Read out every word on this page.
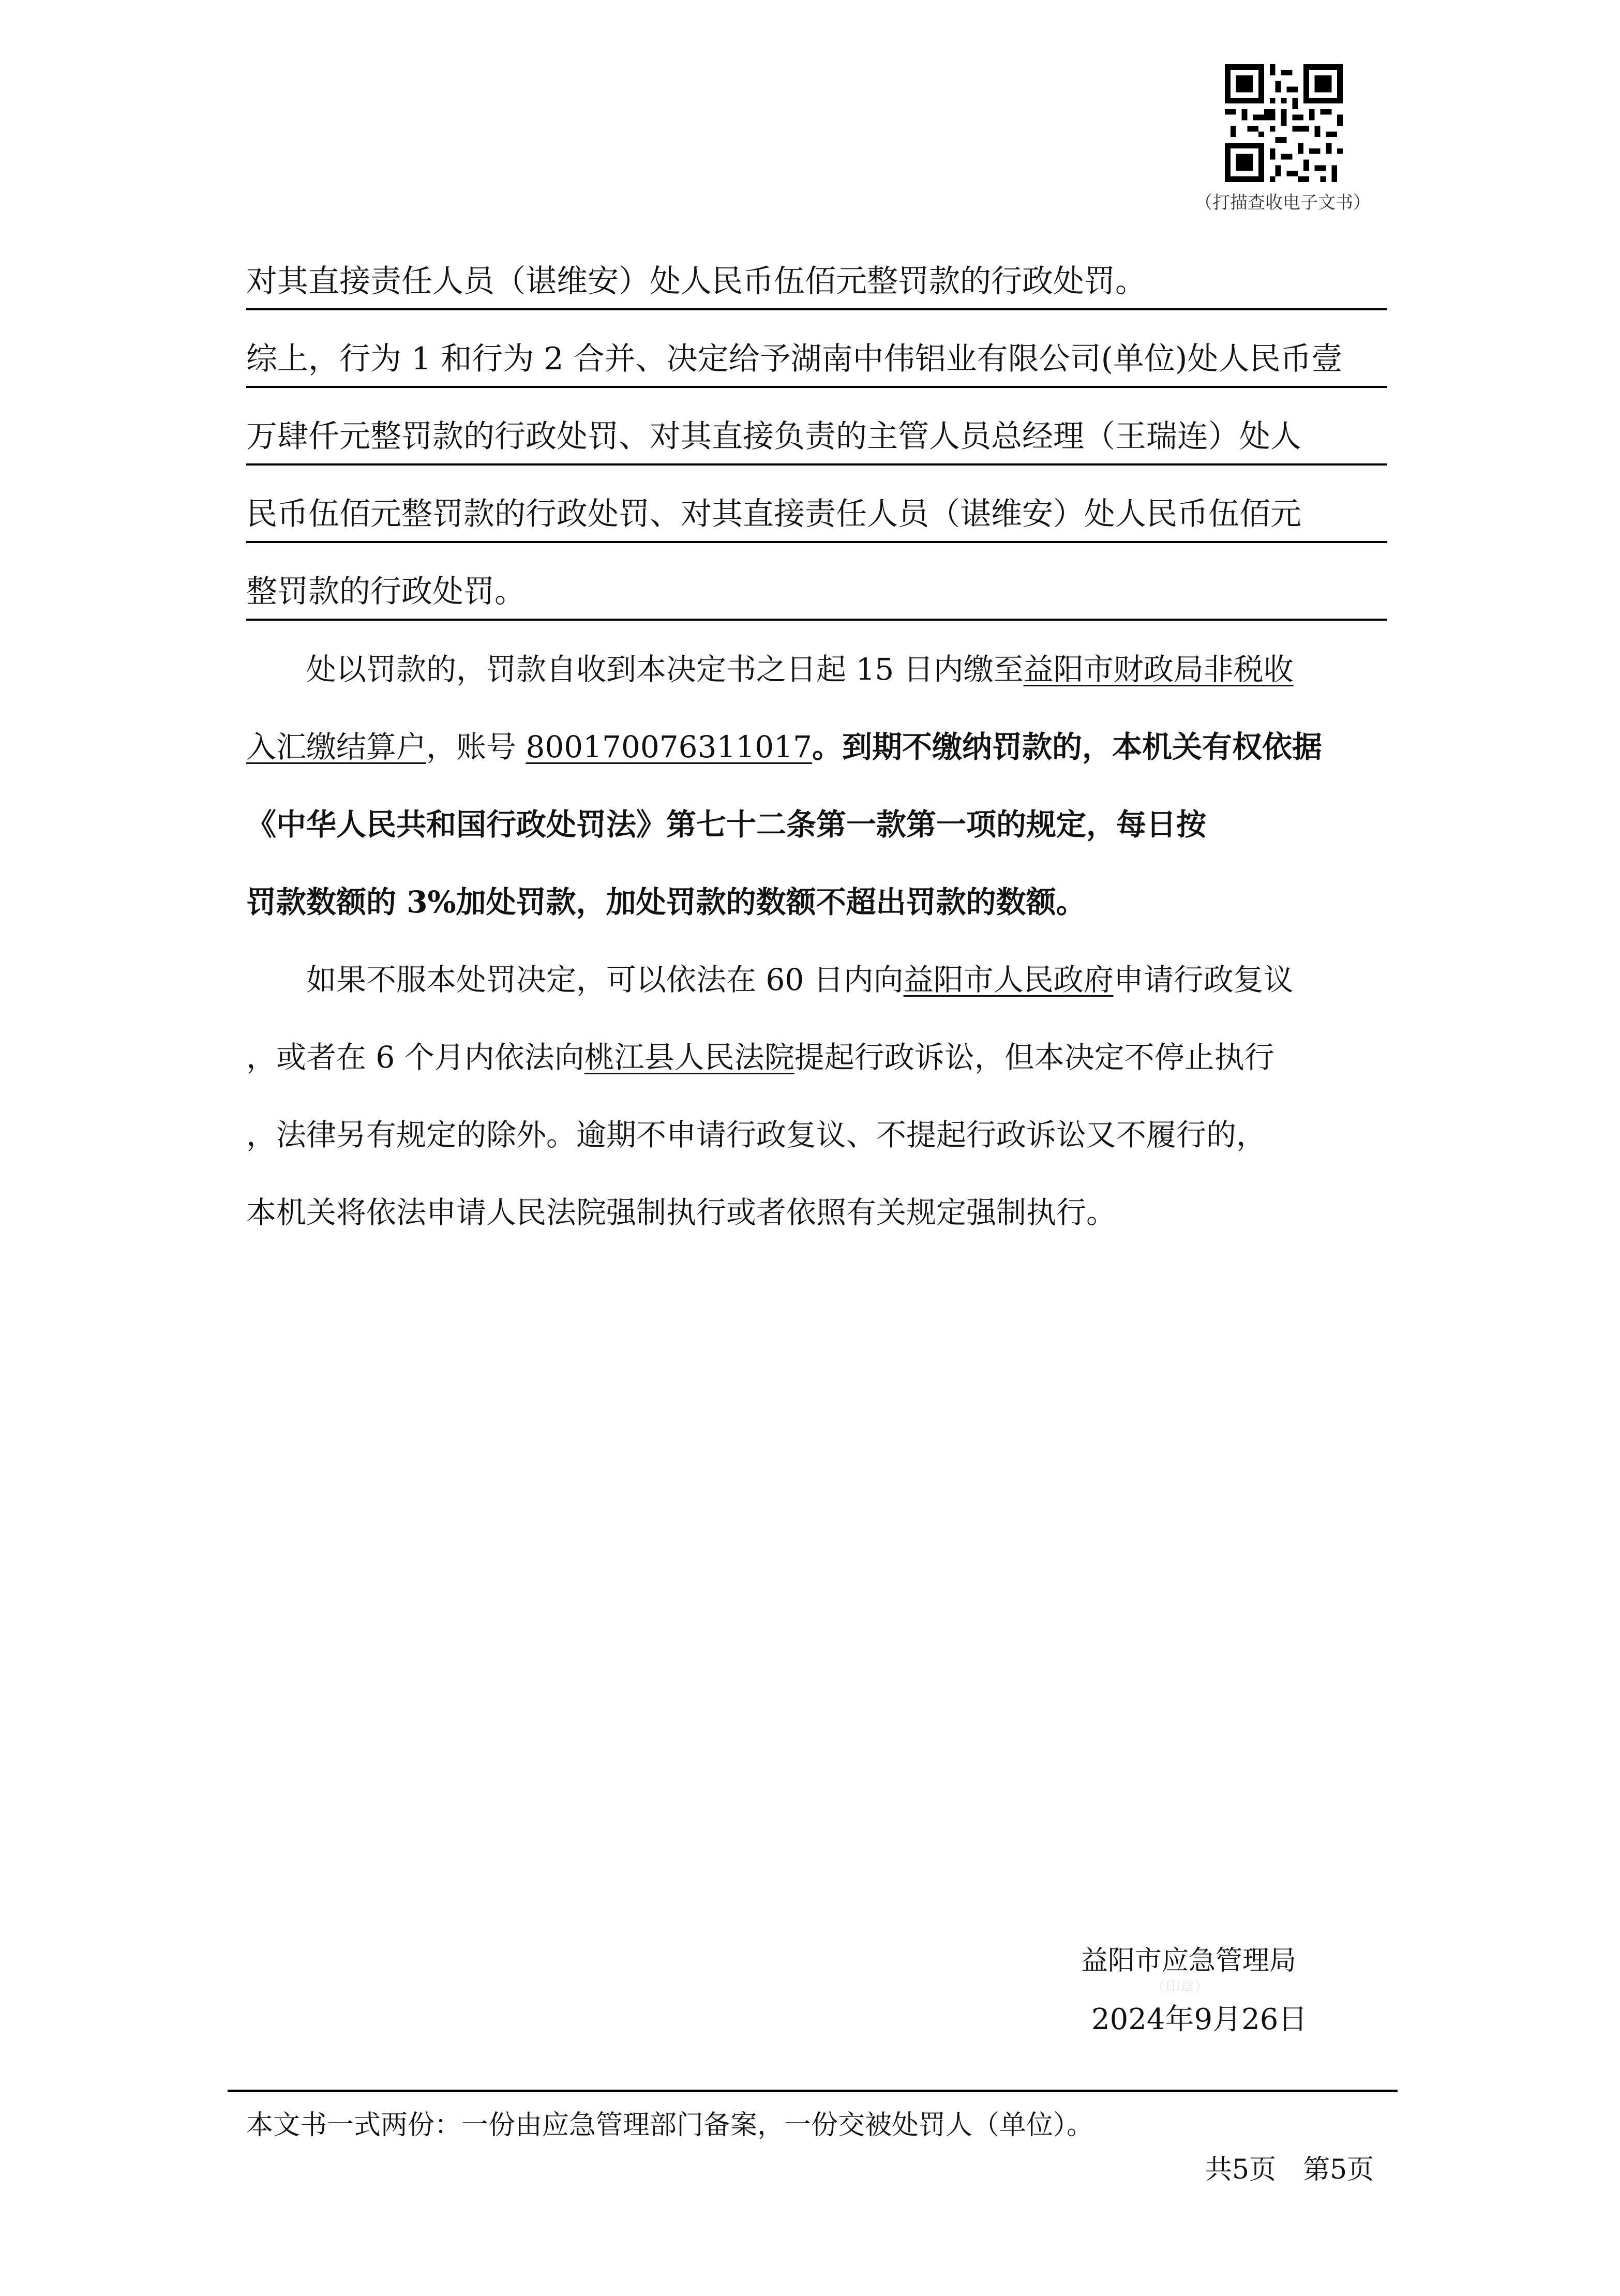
（打描查收电子文书）
对其直接责任人员（谌维安）处人民币伍佰元整罚款的行政处罚。
综上，行为 1 和行为 2 合并、决定给予湖南中伟铝业有限公司(单位)处人民币壹
万肆仟元整罚款的行政处罚、对其直接负责的主管人员总经理（王瑞连）处人
民币伍佰元整罚款的行政处罚、对其直接责任人员（谌维安）处人民币伍佰元
整罚款的行政处罚。
处以罚款的，罚款自收到本决定书之日起 15 日内缴至益阳市财政局非税收
入汇缴结算户，账号 800170076311017。到期不缴纳罚款的，本机关有权依据
《中华人民共和国行政处罚法》第七十二条第一款第一项的规定，每日按
罚款数额的 3%加处罚款，加处罚款的数额不超出罚款的数额。
如果不服本处罚决定，可以依法在 60 日内向益阳市人民政府申请行政复议
，或者在 6 个月内依法向桃江县人民法院提起行政诉讼，但本决定不停止执行
，法律另有规定的除外。逾期不申请行政复议、不提起行政诉讼又不履行的，
本机关将依法申请人民法院强制执行或者依照有关规定强制执行。
益阳市应急管理局
（印章）
2024年9月26日
本文书一式两份：一份由应急管理部门备案，一份交被处罚人（单位）。
共5页　第5页
